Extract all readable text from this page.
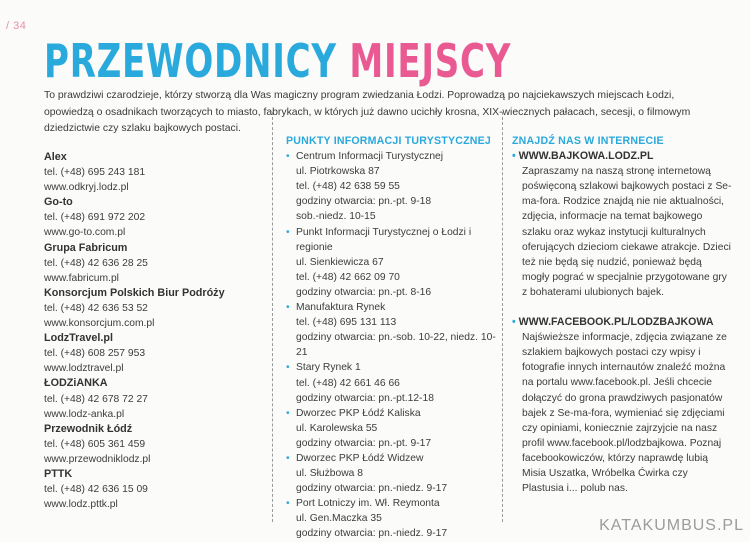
/ 34
PRZEWODNICY MIEJSCY
To prawdziwi czarodzieje, którzy stworzą dla Was magiczny program zwiedzania Łodzi. Poprowadzą po najciekawszych miejscach Łodzi, opowiedzą o osadnikach tworzących to miasto, fabrykach, w których już dawno ucichły krosna, XIX-wiecznych pałacach, secesji, o filmowym dziedzictwie czy szlaku bajkowych postaci.
Alex
tel. (+48) 695 243 181
www.odkryj.lodz.pl
Go-to
tel. (+48) 691 972 202
www.go-to.com.pl
Grupa Fabricum
tel. (+48) 42 636 28 25
www.fabricum.pl
Konsorcjum Polskich Biur Podróży
tel. (+48) 42 636 53 52
www.konsorcjum.com.pl
LodzTravel.pl
tel. (+48) 608 257 953
www.lodztravel.pl
ŁODZiANKA
tel. (+48) 42 678 72 27
www.lodz-anka.pl
Przewodnik Łódź
tel. (+48) 605 361 459
www.przewodniklodz.pl
PTTK
tel. (+48) 42 636 15 09
www.lodz.pttk.pl
PUNKTY INFORMACJI TURYSTYCZNEJ
• Centrum Informacji Turystycznej
ul. Piotrkowska 87
tel. (+48) 42 638 59 55
godziny otwarcia: pn.-pt. 9-18
sob.-niedz. 10-15
• Punkt Informacji Turystycznej o Łodzi i regionie
ul. Sienkiewicza 67
tel. (+48) 42 662 09 70
godziny otwarcia: pn.-pt. 8-16
• Manufaktura Rynek
tel. (+48) 695 131 113
godziny otwarcia: pn.-sob. 10-22, niedz. 10-21
• Stary Rynek 1
tel. (+48) 42 661 46 66
godziny otwarcia: pn.-pt.12-18
• Dworzec PKP Łódź Kaliska
ul. Karolewska 55
godziny otwarcia: pn.-pt. 9-17
• Dworzec PKP Łódź Widzew
ul. Służbowa 8
godziny otwarcia: pn.-niedz. 9-17
• Port Lotniczy im. Wł. Reymonta
ul. Gen.Maczka 35
godziny otwarcia: pn.-niedz. 9-17
ZNAJDŹ NAS W INTERNECIE
• WWW.BAJKOWA.LODZ.PL
Zapraszamy na naszą stronę internetową poświęconą szlakowi bajkowych postaci z Se-ma-fora. Rodzice znajdą nie nie aktualności, zdjęcia, informacje na temat bajkowego szlaku oraz wykaz instytucji kulturalnych oferujących dzieciom ciekawe atrakcje. Dzieci też nie będą się nudzić, ponieważ będą mogły pograć w specjalnie przygotowane gry z bohaterami ulubionych bajek.
• WWW.FACEBOOK.PL/LODZBAJKOWA
Najświeższe informacje, zdjęcia związane ze szlakiem bajkowych postaci czy wpisy i fotografie innych internautów znaleźć można na portalu www.facebook.pl. Jeśli chcecie dołączyć do grona prawdziwych pasjonatów bajek z Se-ma-fora, wymieniać się zdjęciami czy opiniami, koniecznie zajrzyjcie na nasz profil www.facebook.pl/lodzbajkowa. Poznaj facebookowiczów, którzy naprawdę lubią Misia Uszatka, Wróbelka Ćwirka czy Plastusia i... polub nas.
KATAKUMBUS.PL
